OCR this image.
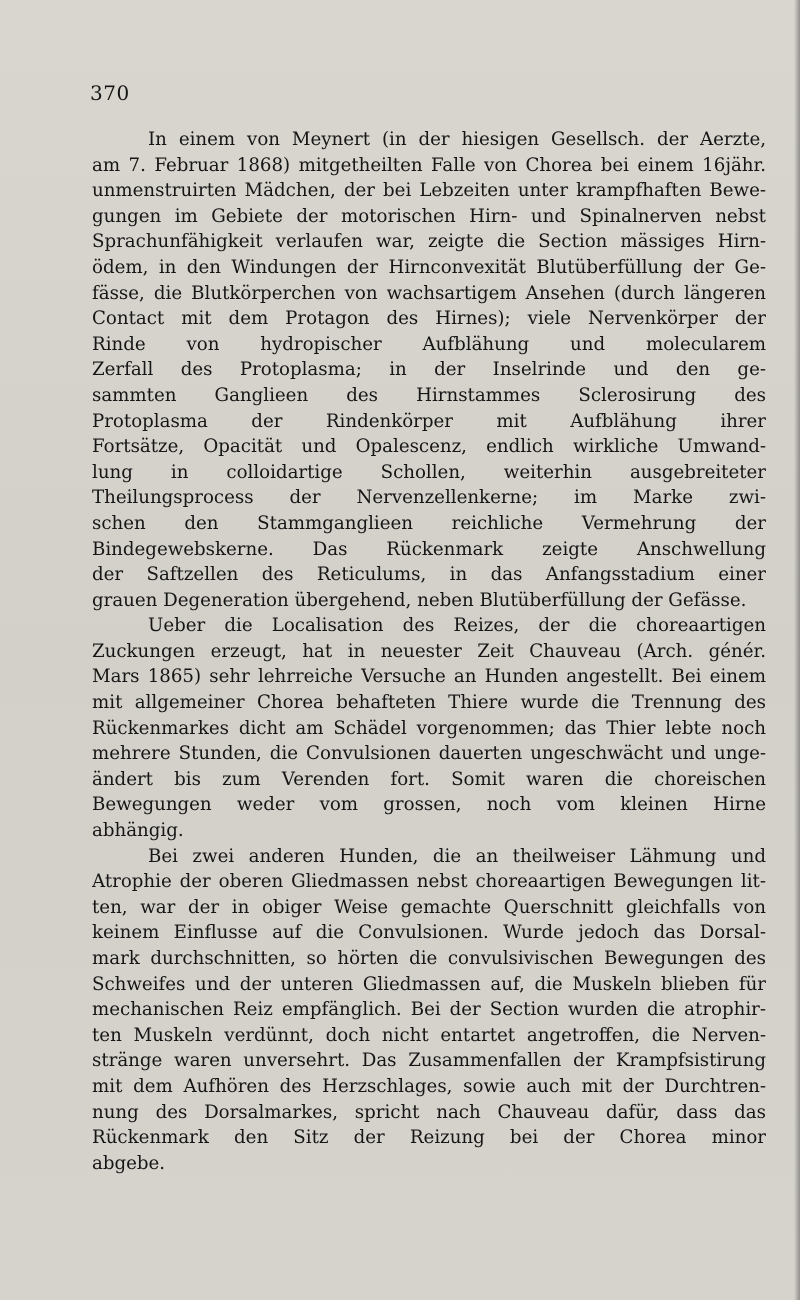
370
In einem von Meynert (in der hiesigen Gesellsch. der Aerzte,
am 7. Februar 1868) mitgetheilten Falle von Chorea bei einem 16jähr.
unmenstruirten Mädchen, der bei Lebzeiten unter krampfhaften Bewe-
gungen im Gebiete der motorischen Hirn- und Spinalnerven nebst
Sprachunfähigkeit verlaufen war, zeigte die Section mässiges Hirn-
ödem, in den Windungen der Hirnconvexität Blutüberfüllung der Ge-
fässe, die Blutkörperchen von wachsartigem Ansehen (durch längeren
Contact mit dem Protagon des Hirnes); viele Nervenkörper der
Rinde von hydropischer Aufblähung und molecularem
Zerfall des Protoplasma; in der Inselrinde und den ge-
sammten Ganglieen des Hirnstammes Sclerosirung des
Protoplasma der Rindenkörper mit Aufblähung ihrer
Fortsätze, Opacität und Opalescenz, endlich wirkliche Umwand-
lung in colloidartige Schollen, weiterhin ausgebreiteter
Theilungsprocess der Nervenzellenkerne; im Marke zwi-
schen den Stammganglieen reichliche Vermehrung der
Bindegewebskerne. Das Rückenmark zeigte Anschwellung
der Saftzellen des Reticulums, in das Anfangsstadium einer
grauen Degeneration übergehend, neben Blutüberfüllung der Gefässe.
Ueber die Localisation des Reizes, der die choreaartigen
Zuckungen erzeugt, hat in neuester Zeit Chauveau (Arch. génér.
Mars 1865) sehr lehrreiche Versuche an Hunden angestellt. Bei einem
mit allgemeiner Chorea behafteten Thiere wurde die Trennung des
Rückenmarkes dicht am Schädel vorgenommen; das Thier lebte noch
mehrere Stunden, die Convulsionen dauerten ungeschwächt und unge-
ändert bis zum Verenden fort. Somit waren die choreischen
Bewegungen weder vom grossen, noch vom kleinen Hirne
abhängig.
Bei zwei anderen Hunden, die an theilweiser Lähmung und
Atrophie der oberen Gliedmassen nebst choreaartigen Bewegungen lit-
ten, war der in obiger Weise gemachte Querschnitt gleichfalls von
keinem Einflusse auf die Convulsionen. Wurde jedoch das Dorsal-
mark durchschnitten, so hörten die convulsivischen Bewegungen des
Schweifes und der unteren Gliedmassen auf, die Muskeln blieben für
mechanischen Reiz empfänglich. Bei der Section wurden die atrophir-
ten Muskeln verdünnt, doch nicht entartet angetroffen, die Nerven-
stränge waren unversehrt. Das Zusammenfallen der Krampfsistirung
mit dem Aufhören des Herzschlages, sowie auch mit der Durchtren-
nung des Dorsalmarkes, spricht nach Chauveau dafür, dass das
Rückenmark den Sitz der Reizung bei der Chorea minor
abgebe.
